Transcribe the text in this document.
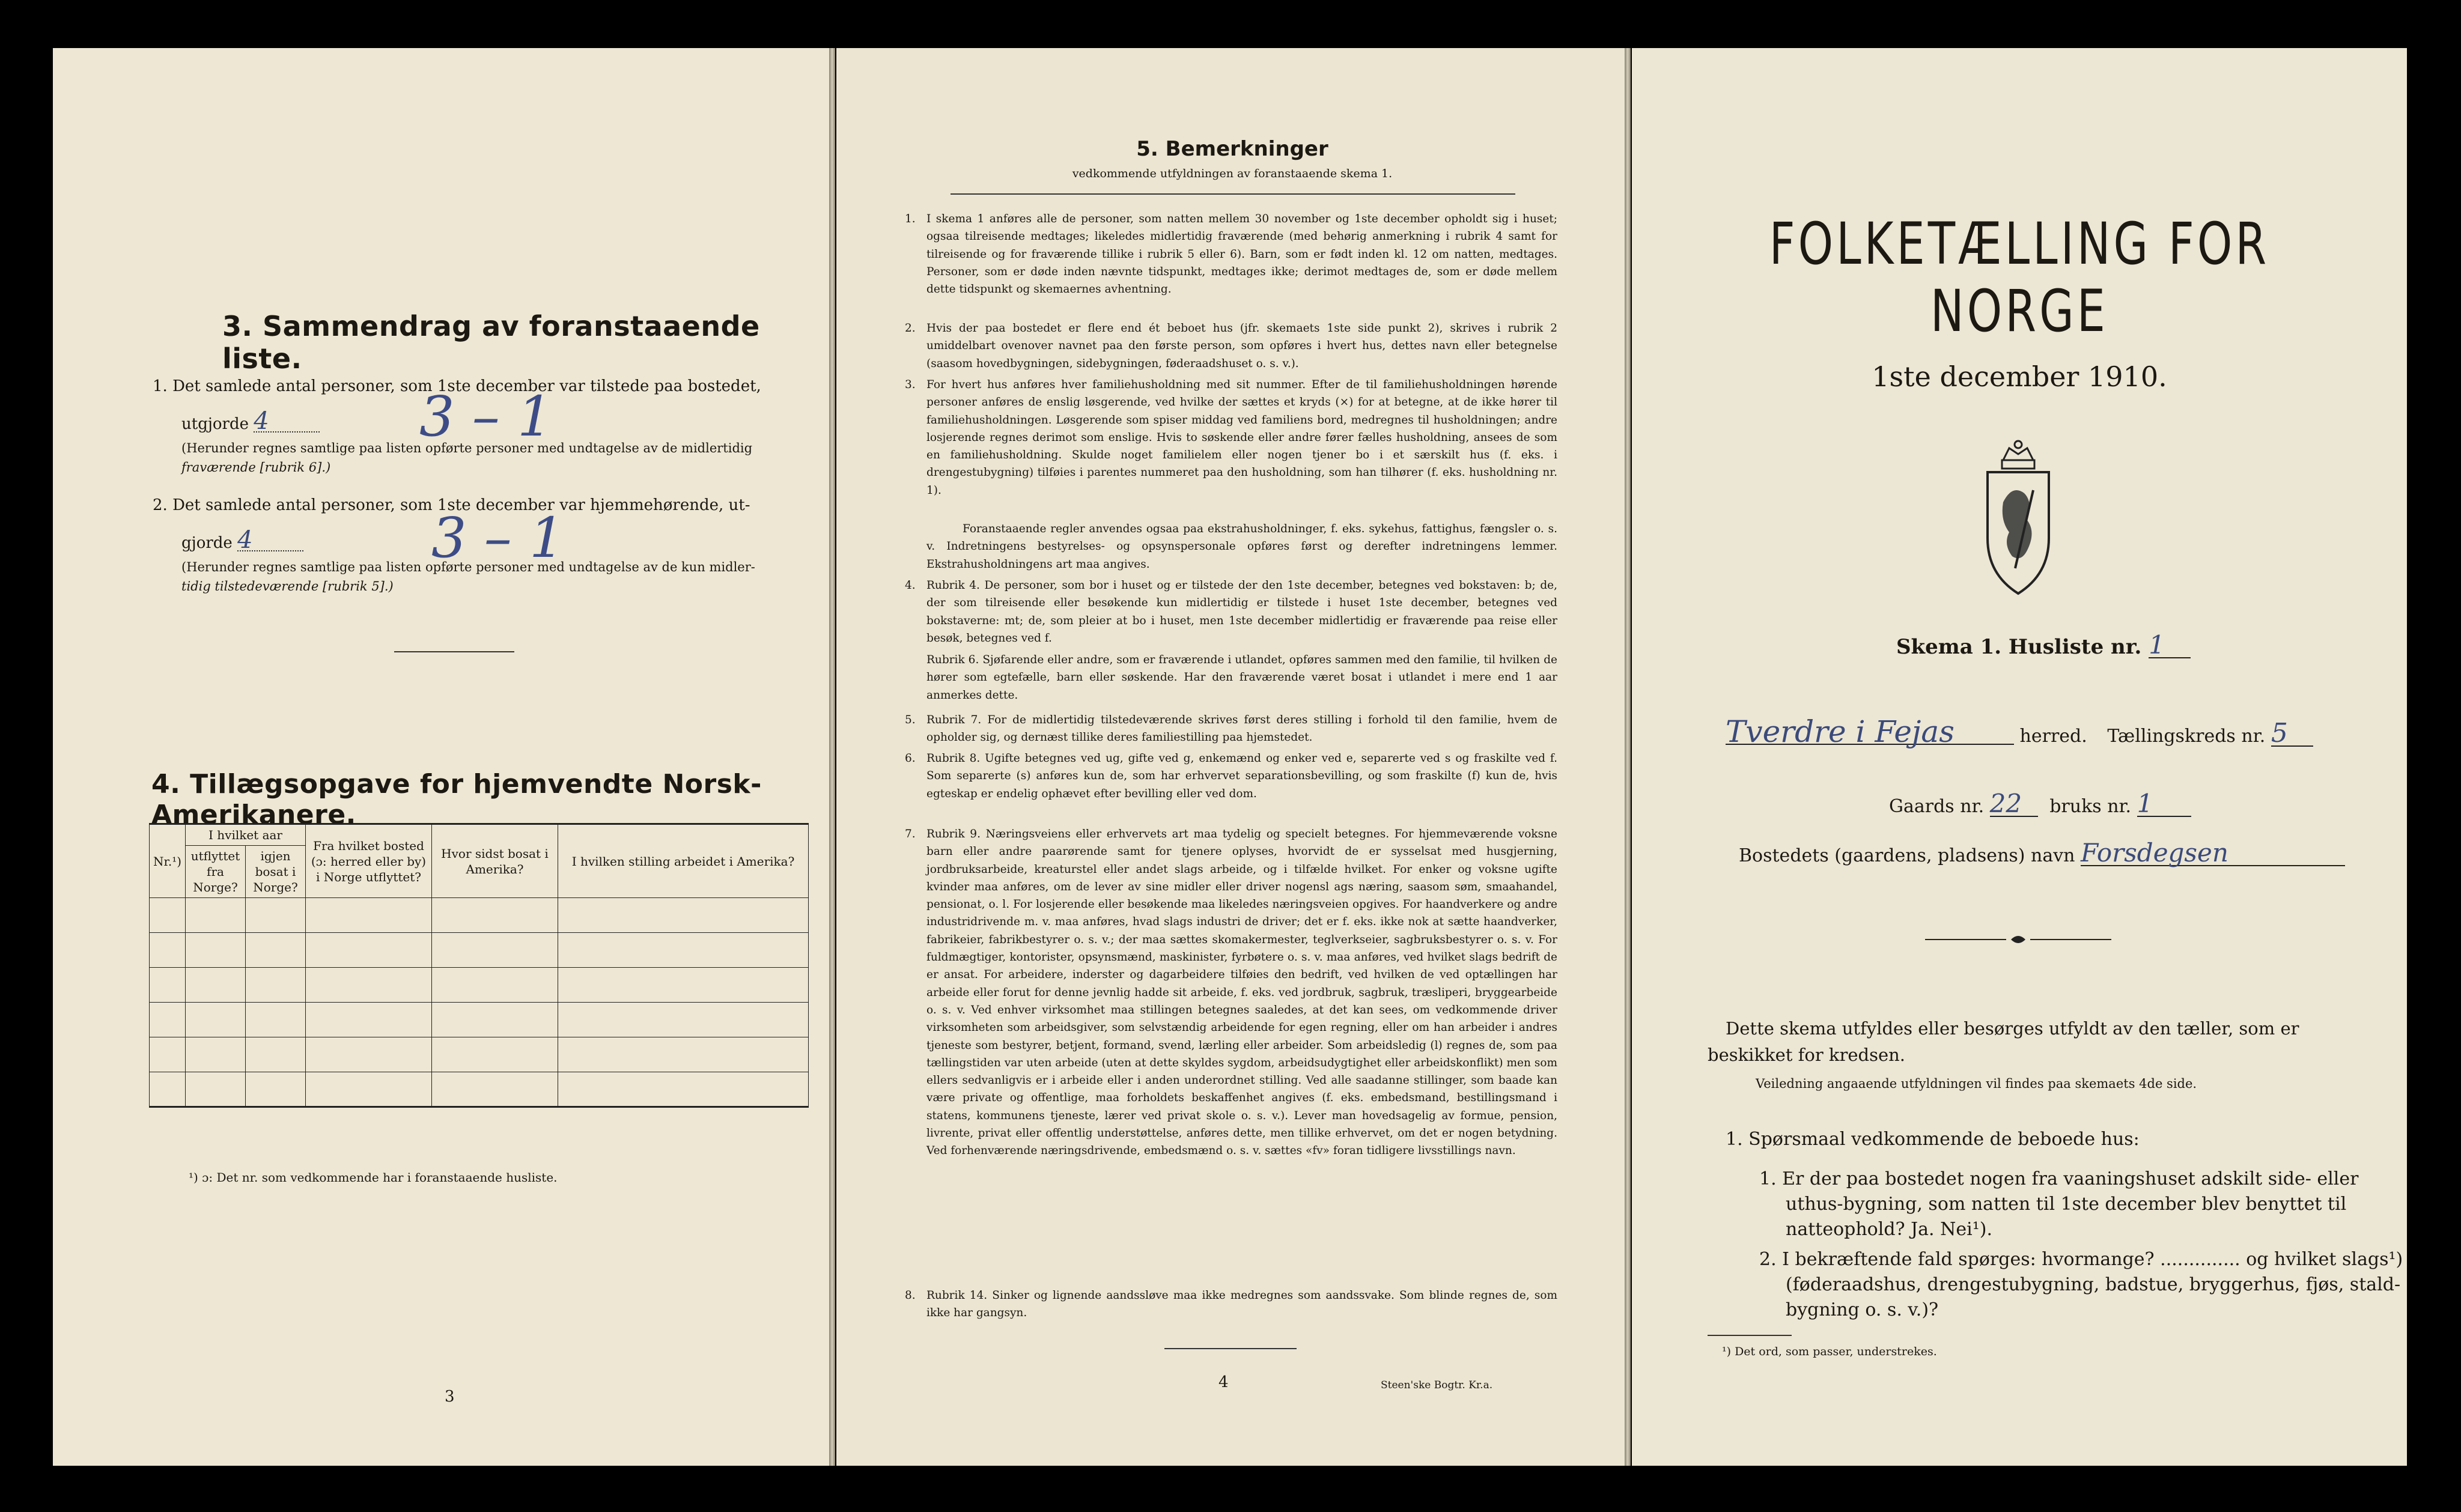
3. Sammendrag av foranstaaende liste.
1. Det samlede antal personer, som 1ste december var tilstede paa bostedet,
utgjorde 4	3 – 1
(Herunder regnes samtlige paa listen opførte personer med undtagelse av de midlertidig
fraværende [rubrik 6].)
2. Det samlede antal personer, som 1ste december var hjemmehørende, ut-
gjorde 4	3 – 1
(Herunder regnes samtlige paa listen opførte personer med undtagelse av de kun midler-
tidig tilstedeværende [rubrik 5].)
4. Tillægsopgave for hjemvendte Norsk-Amerikanere.
Nr.¹)	I hvilket aar		Fra hvilket bosted (ɔ: herred eller by) i Norge utflyttet?	Hvor sidst bosat i Amerika?	I hvilken stilling arbeidet i Amerika?
	utflyttet fra Norge?	igjen bosat i Norge?			

¹) ɔ: Det nr. som vedkommende har i foranstaaende husliste.
3
5. Bemerkninger
vedkommende utfyldningen av foranstaaende skema 1.
1. I skema 1 anføres alle de personer, som natten mellem 30 november og 1ste december opholdt sig i huset; ogsaa tilreisende medtages; likeledes midlertidig fraværende (med behørig anmerkning i rubrik 4 samt for tilreisende og for fraværende tillike i rubrik 5 eller 6). Barn, som er født inden kl. 12 om natten, medtages. Personer, som er døde inden nævnte tidspunkt, medtages ikke; derimot medtages de, som er døde mellem dette tidspunkt og skemaernes avhentning.
2. Hvis der paa bostedet er flere end ét beboet hus (jfr. skemaets 1ste side punkt 2), skrives i rubrik 2 umiddelbart ovenover navnet paa den første person, som opføres i hvert hus, dettes navn eller betegnelse (saasom hovedbygningen, sidebygningen, føderaadshuset o. s. v.).
3. For hvert hus anføres hver familiehusholdning med sit nummer. Efter de til familiehusholdningen hørende personer anføres de enslig løsgerende, ved hvilke der sættes et kryds (×) for at betegne, at de ikke hører til familiehusholdningen. Løsgerende som spiser middag ved familiens bord, medregnes til husholdningen; andre losjerende regnes derimot som enslige. Hvis to søskende eller andre fører fælles husholdning, ansees de som en familiehusholdning. Skulde noget familielem eller nogen tjener bo i et særskilt hus (f. eks. i drengestubygning) tilføies i parentes nummeret paa den husholdning, som han tilhører (f. eks. husholdning nr. 1).
Foranstaaende regler anvendes ogsaa paa ekstrahusholdninger, f. eks. sykehus, fattighus, fængsler o. s. v. Indretningens bestyrelses- og opsynspersonale opføres først og derefter indretningens lemmer. Ekstrahusholdningens art maa angives.
4. Rubrik 4. De personer, som bor i huset og er tilstede der den 1ste december, betegnes ved bokstaven: b; de, der som tilreisende eller besøkende kun midlertidig er tilstede i huset 1ste december, betegnes ved bokstaverne: mt; de, som pleier at bo i huset, men 1ste december midlertidig er fraværende paa reise eller besøk, betegnes ved f.
Rubrik 6. Sjøfarende eller andre, som er fraværende i utlandet, opføres sammen med den familie, til hvilken de hører som egtefælle, barn eller søskende. Har den fraværende været bosat i utlandet i mere end 1 aar anmerkes dette.
5. Rubrik 7. For de midlertidig tilstedeværende skrives først deres stilling i forhold til den familie, hvem de opholder sig, og dernæst tillike deres familiestilling paa hjemstedet.
6. Rubrik 8. Ugifte betegnes ved ug, gifte ved g, enkemænd og enker ved e, separerte ved s og fraskilte ved f. Som separerte (s) anføres kun de, som har erhvervet separationsbevilling, og som fraskilte (f) kun de, hvis egteskap er endelig ophævet efter bevilling eller ved dom.
7. Rubrik 9. Næringsveiens eller erhvervets art maa tydelig og specielt betegnes. For hjemmeværende voksne barn eller andre paarørende samt for tjenere oplyses, hvorvidt de er sysselsat med husgjerning, jordbruksarbeide, kreaturstel eller andet slags arbeide, og i tilfælde hvilket. For enker og voksne ugifte kvinder maa anføres, om de lever av sine midler eller driver nogensl ags næring, saasom søm, smaahandel, pensionat, o. l. For losjerende eller besøkende maa likeledes næringsveien opgives. For haandverkere og andre industridrivende m. v. maa anføres, hvad slags industri de driver; det er f. eks. ikke nok at sætte haandverker, fabrikeier, fabrikbestyrer o. s. v.; der maa sættes skomakermester, teglverkseier, sagbruksbestyrer o. s. v. For fuldmægtiger, kontorister, opsynsmænd, maskinister, fyrbøtere o. s. v. maa anføres, ved hvilket slags bedrift de er ansat. For arbeidere, inderster og dagarbeidere tilføies den bedrift, ved hvilken de ved optællingen har arbeide eller forut for denne jevnlig hadde sit arbeide, f. eks. ved jordbruk, sagbruk, træsliperi, bryggearbeide o. s. v. Ved enhver virksomhet maa stillingen betegnes saaledes, at det kan sees, om vedkommende driver virksomheten som arbeidsgiver, som selvstændig arbeidende for egen regning, eller om han arbeider i andres tjeneste som bestyrer, betjent, formand, svend, lærling eller arbeider. Som arbeidsledig (l) regnes de, som paa tællingstiden var uten arbeide (uten at dette skyldes sygdom, arbeidsudygtighet eller arbeidskonflikt) men som ellers sedvanligvis er i arbeide eller i anden underordnet stilling. Ved alle saadanne stillinger, som baade kan være private og offentlige, maa forholdets beskaffenhet angives (f. eks. embedsmand, bestillingsmand i statens, kommunens tjeneste, lærer ved privat skole o. s. v.). Lever man hovedsagelig av formue, pension, livrente, privat eller offentlig understøttelse, anføres dette, men tillike erhvervet, om det er nogen betydning. Ved forhenværende næringsdrivende, embedsmænd o. s. v. sættes «fv» foran tidligere livsstillings navn.
8. Rubrik 14. Sinker og lignende aandssløve maa ikke medregnes som aandssvake. Som blinde regnes de, som ikke har gangsyn.
4	Steen'ske Bogtr. Kr.a.
FOLKETÆLLING FOR NORGE
1ste december 1910.
Skema 1. Husliste nr. 1
Tverdre i Fejas	herred. Tællingskreds nr. 5
Gaards nr. 22 bruks nr. 1
Bostedets (gaardens, pladsens) navn Forsdegsen
Dette skema utfyldes eller besørges utfyldt av den tæller, som er
beskikket for kredsen.
Veiledning angaaende utfyldningen vil findes paa skemaets 4de side.
1. Spørsmaal vedkommende de beboede hus:
1. Er der paa bostedet nogen fra vaaningshuset adskilt side- eller
uthus-bygning, som natten til 1ste december blev benyttet til
natteophold? Ja. Nei¹).
2. I bekræftende fald spørges: hvormange? .............. og hvilket slags¹)
(føderaadshus, drengestubygning, badstue, bryggerhus, fjøs, stald-
bygning o. s. v.)?
¹) Det ord, som passer, understrekes.
